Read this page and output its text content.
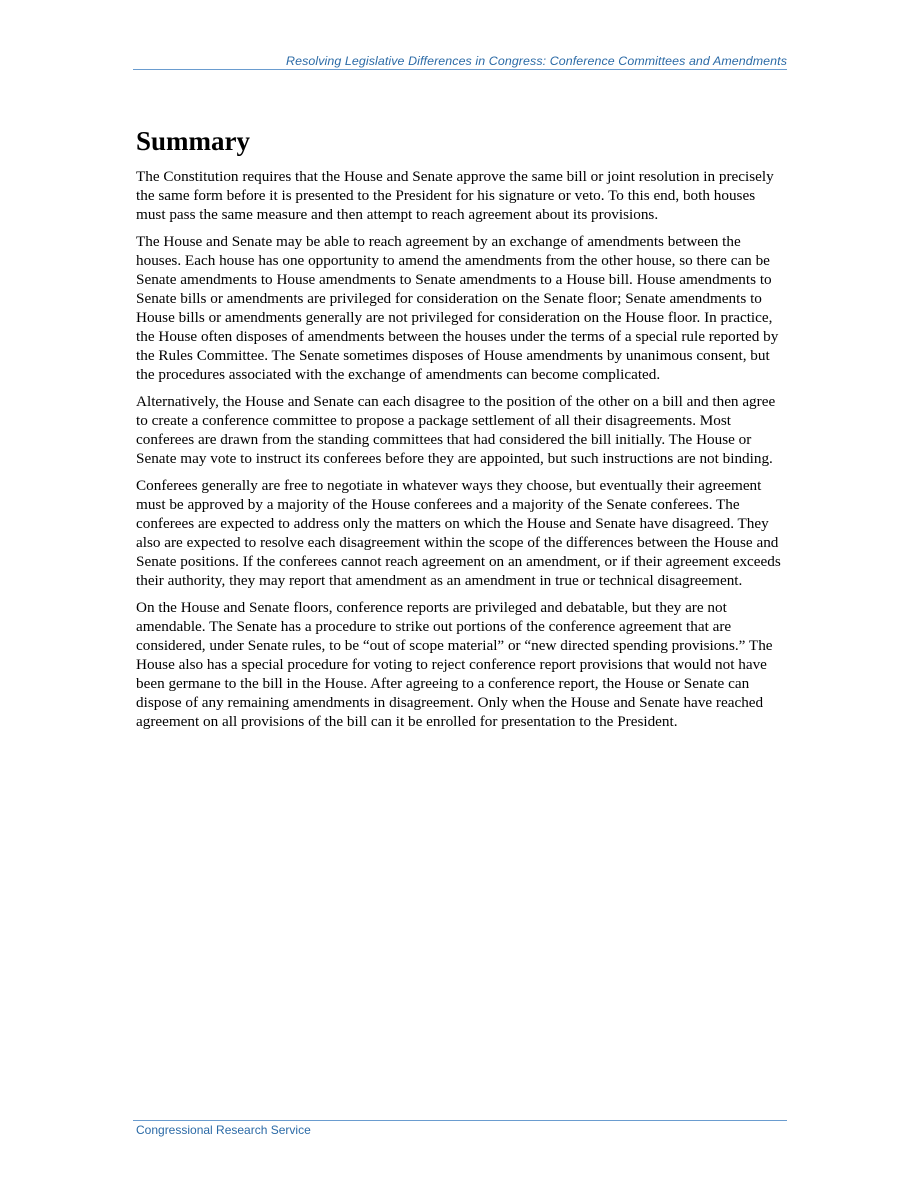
Resolving Legislative Differences in Congress: Conference Committees and Amendments
Summary

The Constitution requires that the House and Senate approve the same bill or joint resolution in precisely the same form before it is presented to the President for his signature or veto. To this end, both houses must pass the same measure and then attempt to reach agreement about its provisions.

The House and Senate may be able to reach agreement by an exchange of amendments between the houses. Each house has one opportunity to amend the amendments from the other house, so there can be Senate amendments to House amendments to Senate amendments to a House bill. House amendments to Senate bills or amendments are privileged for consideration on the Senate floor; Senate amendments to House bills or amendments generally are not privileged for consideration on the House floor. In practice, the House often disposes of amendments between the houses under the terms of a special rule reported by the Rules Committee. The Senate sometimes disposes of House amendments by unanimous consent, but the procedures associated with the exchange of amendments can become complicated.

Alternatively, the House and Senate can each disagree to the position of the other on a bill and then agree to create a conference committee to propose a package settlement of all their disagreements. Most conferees are drawn from the standing committees that had considered the bill initially. The House or Senate may vote to instruct its conferees before they are appointed, but such instructions are not binding.

Conferees generally are free to negotiate in whatever ways they choose, but eventually their agreement must be approved by a majority of the House conferees and a majority of the Senate conferees. The conferees are expected to address only the matters on which the House and Senate have disagreed. They also are expected to resolve each disagreement within the scope of the differences between the House and Senate positions. If the conferees cannot reach agreement on an amendment, or if their agreement exceeds their authority, they may report that amendment as an amendment in true or technical disagreement.

On the House and Senate floors, conference reports are privileged and debatable, but they are not amendable. The Senate has a procedure to strike out portions of the conference agreement that are considered, under Senate rules, to be “out of scope material” or “new directed spending provisions.” The House also has a special procedure for voting to reject conference report provisions that would not have been germane to the bill in the House. After agreeing to a conference report, the House or Senate can dispose of any remaining amendments in disagreement. Only when the House and Senate have reached agreement on all provisions of the bill can it be enrolled for presentation to the President.

Congressional Research Service
